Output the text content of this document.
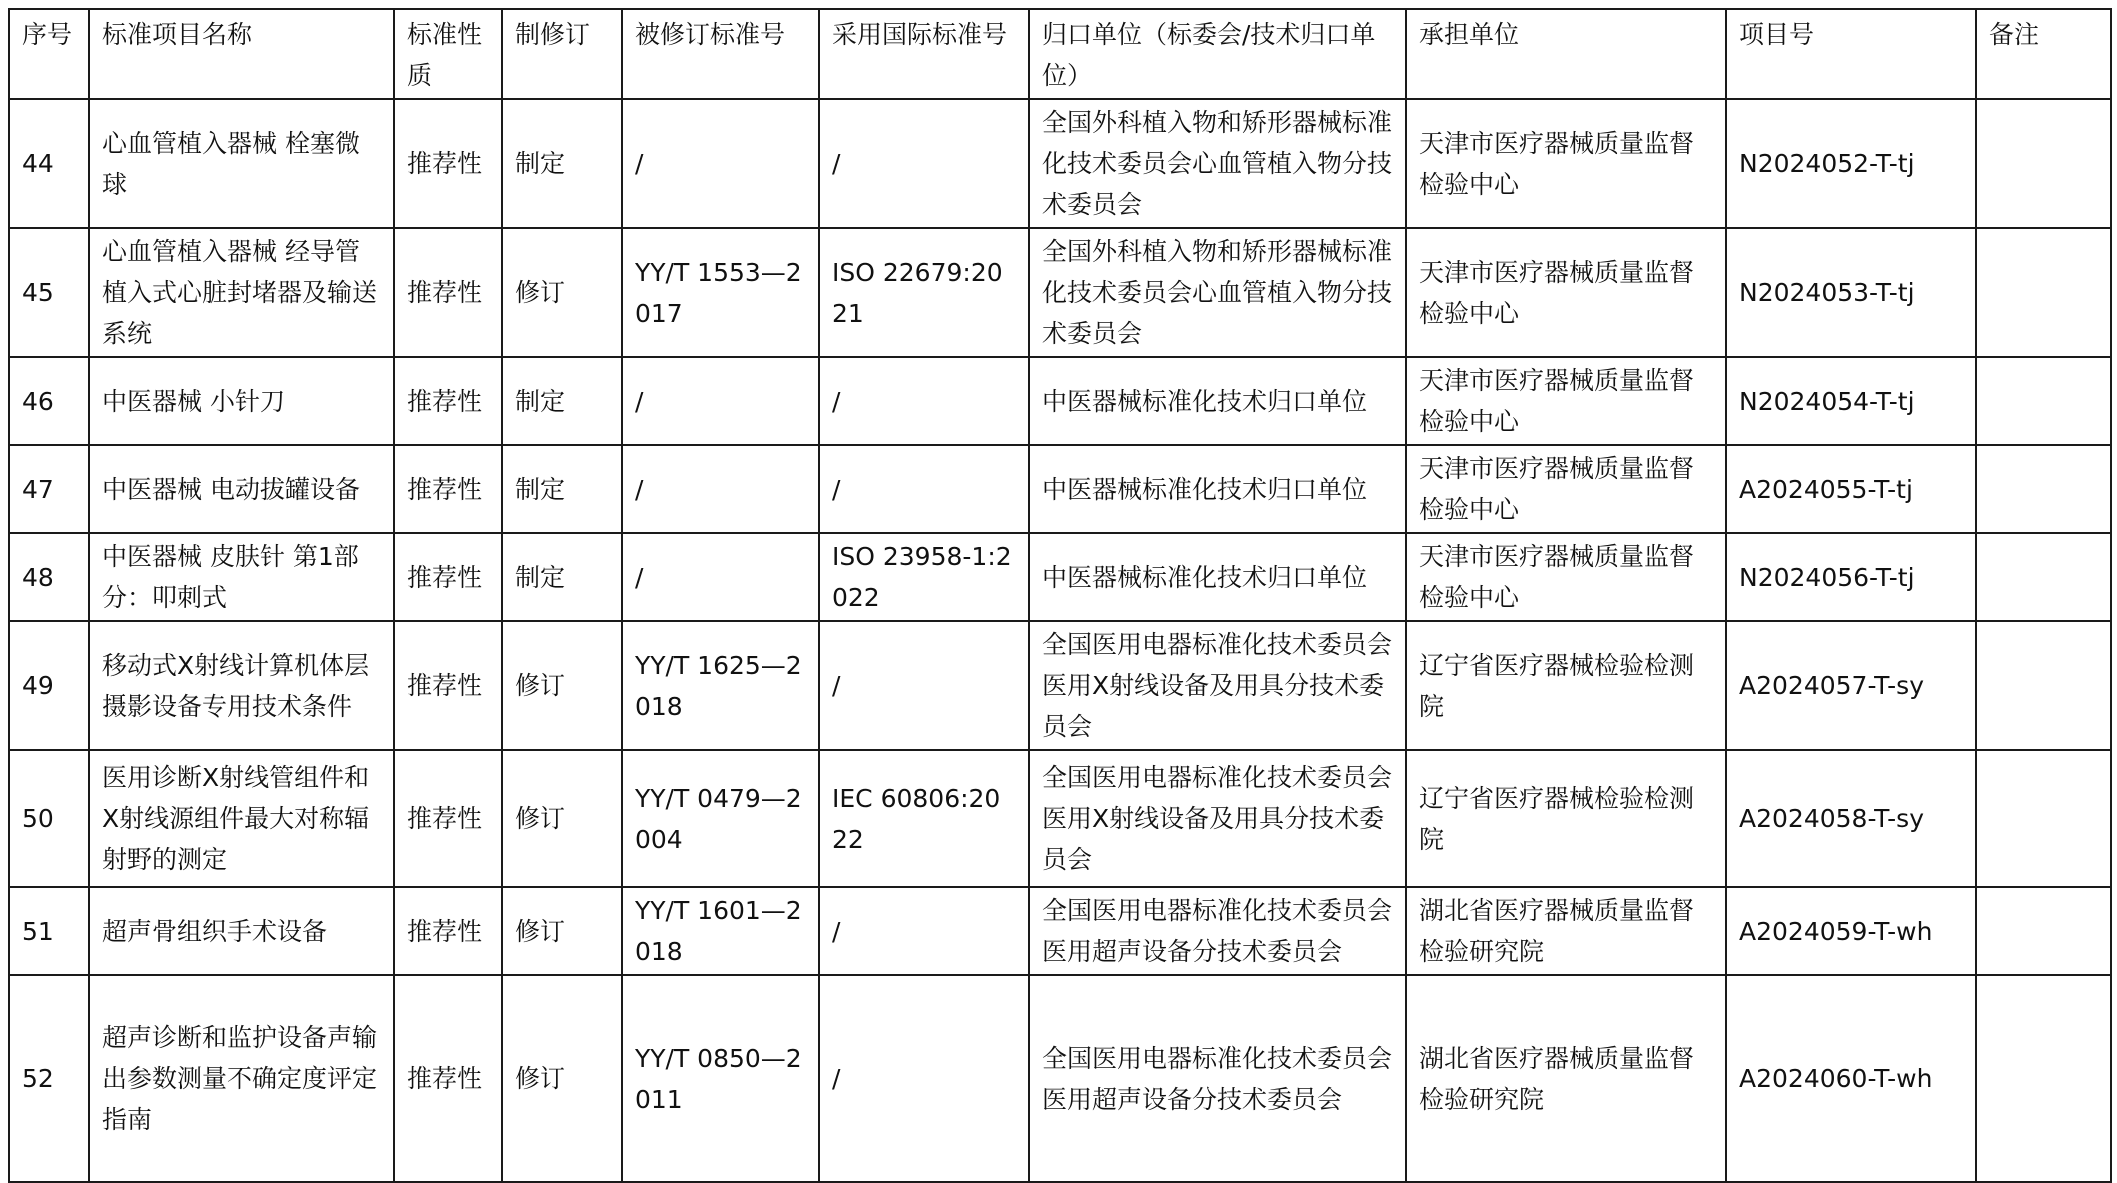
序号	标准项目名称	标准性质	制修订	被修订标准号	采用国际标准号	归口单位（标委会/技术归口单位）	承担单位	项目号	备注
44	心血管植入器械 栓塞微球	推荐性	制定	/	/	全国外科植入物和矫形器械标准化技术委员会心血管植入物分技术委员会	天津市医疗器械质量监督检验中心	N2024052-T-tj	
45	心血管植入器械 经导管植入式心脏封堵器及输送系统	推荐性	修订	YY/T 1553—2017	ISO 22679:2021	全国外科植入物和矫形器械标准化技术委员会心血管植入物分技术委员会	天津市医疗器械质量监督检验中心	N2024053-T-tj	
46	中医器械 小针刀	推荐性	制定	/	/	中医器械标准化技术归口单位	天津市医疗器械质量监督检验中心	N2024054-T-tj	
47	中医器械 电动拔罐设备	推荐性	制定	/	/	中医器械标准化技术归口单位	天津市医疗器械质量监督检验中心	A2024055-T-tj	
48	中医器械 皮肤针 第1部分：叩刺式	推荐性	制定	/	ISO 23958-1:2022	中医器械标准化技术归口单位	天津市医疗器械质量监督检验中心	N2024056-T-tj	
49	移动式X射线计算机体层摄影设备专用技术条件	推荐性	修订	YY/T 1625—2018	/	全国医用电器标准化技术委员会医用X射线设备及用具分技术委员会	辽宁省医疗器械检验检测院	A2024057-T-sy	
50	医用诊断X射线管组件和X射线源组件最大对称辐射野的测定	推荐性	修订	YY/T 0479—2004	IEC 60806:2022	全国医用电器标准化技术委员会医用X射线设备及用具分技术委员会	辽宁省医疗器械检验检测院	A2024058-T-sy	
51	超声骨组织手术设备	推荐性	修订	YY/T 1601—2018	/	全国医用电器标准化技术委员会医用超声设备分技术委员会	湖北省医疗器械质量监督检验研究院	A2024059-T-wh	
52	超声诊断和监护设备声输出参数测量不确定度评定指南	推荐性	修订	YY/T 0850—2011	/	全国医用电器标准化技术委员会医用超声设备分技术委员会	湖北省医疗器械质量监督检验研究院	A2024060-T-wh	
